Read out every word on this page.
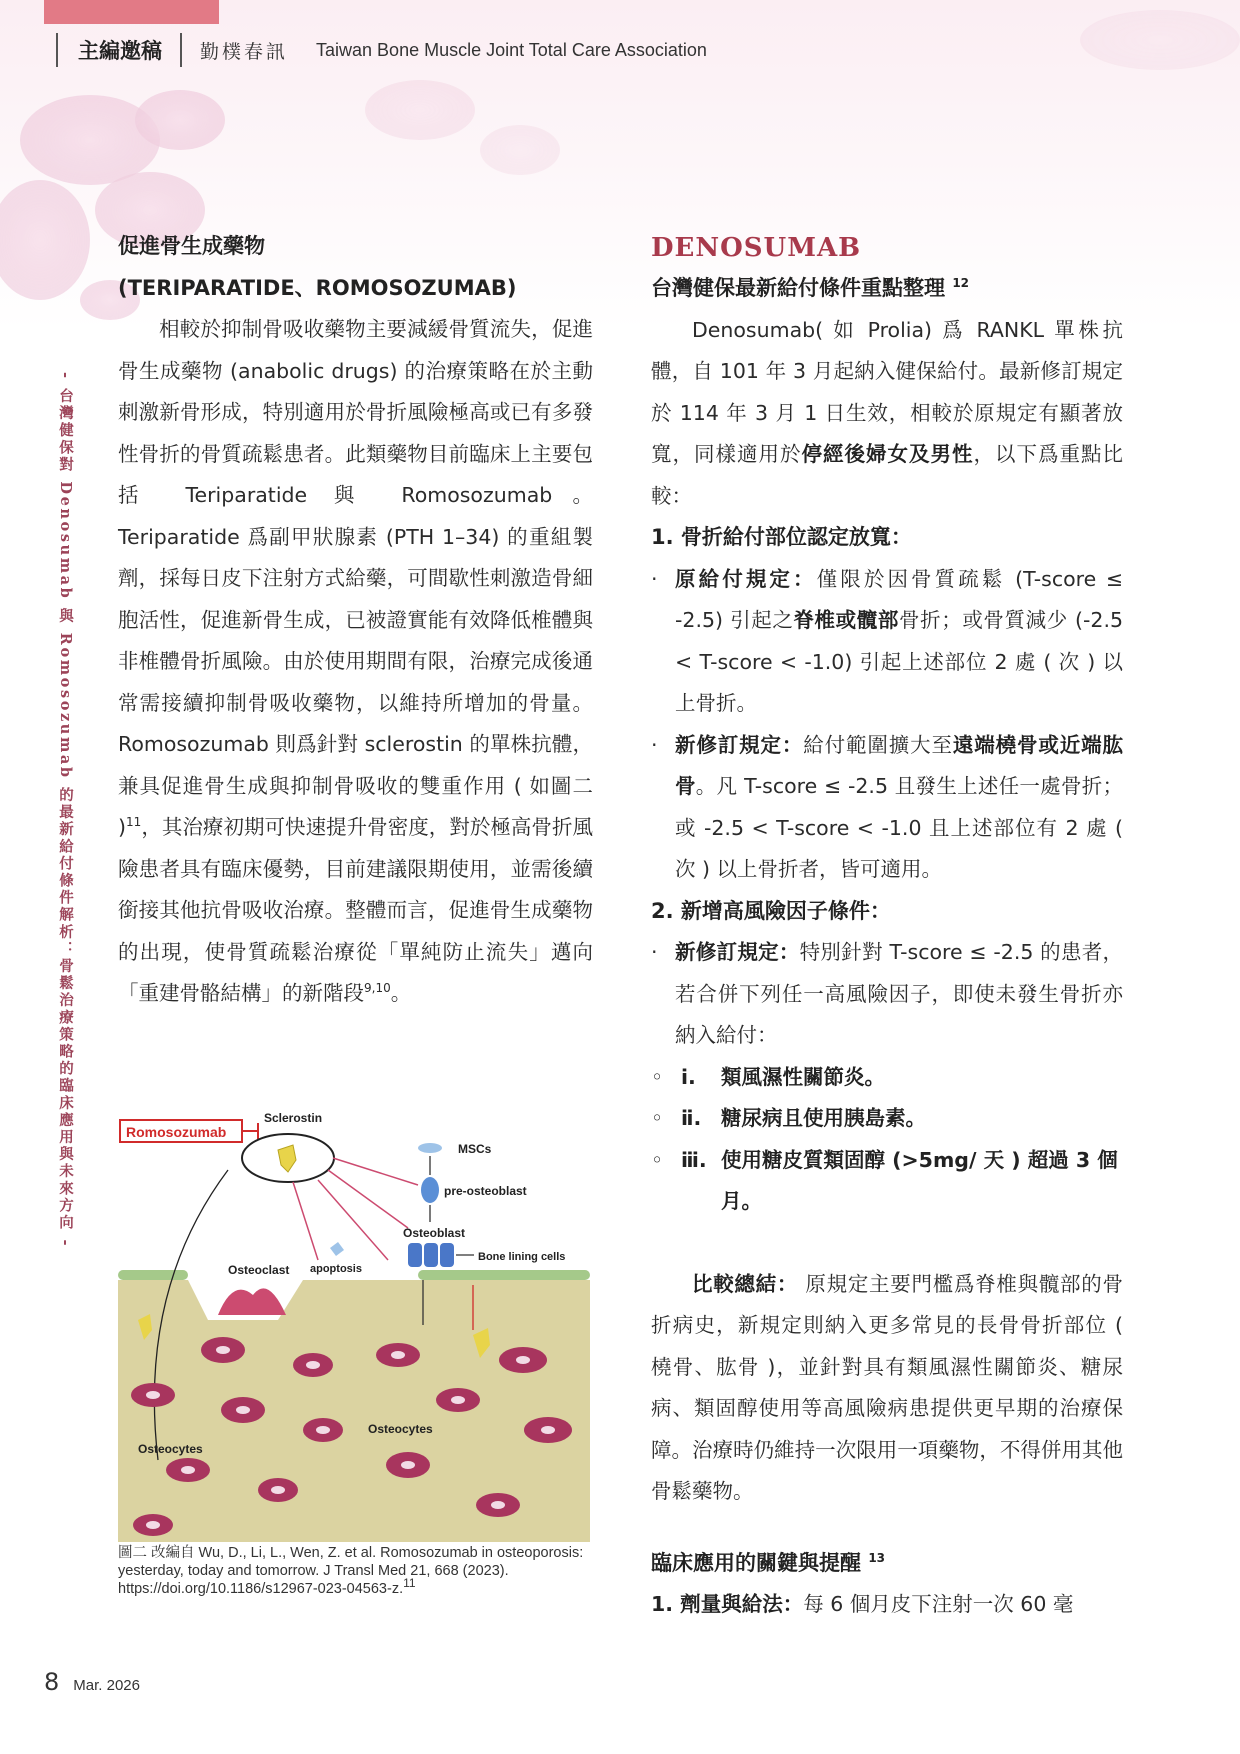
主編邀稿 勤樸春訊 Taiwan Bone Muscle Joint Total Care Association
- 台灣健保對 Denosumab 與 Romosozumab 的最新給付條件解析：骨鬆治療策略的臨床應用與未來方向 -
促進骨生成藥物
(TERIPARATIDE、ROMOSOZUMAB)

相較於抑制骨吸收藥物主要減緩骨質流失，促進骨生成藥物 (anabolic drugs) 的治療策略在於主動刺激新骨形成，特別適用於骨折風險極高或已有多發性骨折的骨質疏鬆患者。此類藥物目前臨床上主要包括 Teriparatide 與 Romosozumab。Teriparatide 爲副甲狀腺素 (PTH 1–34) 的重組製劑，採每日皮下注射方式給藥，可間歇性刺激造骨細胞活性，促進新骨生成，已被證實能有效降低椎體與非椎體骨折風險。由於使用期間有限，治療完成後通常需接續抑制骨吸收藥物，以維持所增加的骨量。Romosozumab 則爲針對 sclerostin 的單株抗體，兼具促進骨生成與抑制骨吸收的雙重作用 ( 如圖二 )$^{11}$，其治療初期可快速提升骨密度，對於極高骨折風險患者具有臨床優勢，目前建議限期使用，並需後續銜接其他抗骨吸收治療。整體而言，促進骨生成藥物的出現，使骨質疏鬆治療從「單純防止流失」邁向「重建骨骼結構」的新階段$^{9,10}$。

Osteoclast
Romosozumab
Sclerostin
MSCs
pre-osteoblast
Osteoblast
Bone lining cells
apoptosis
Osteocytes
Osteocytes
圖二 改編自 Wu, D., Li, L., Wen, Z. et al. Romosozumab in osteoporosis: yesterday, today and tomorrow. J Transl Med 21, 668 (2023). https://doi.org/10.1186/s12967-023-04563-z.$^{11}$
DENOSUMAB
台灣健保最新給付條件重點整理 $^{12}$

Denosumab( 如 Prolia) 爲 RANKL 單株抗體，自 101 年 3 月起納入健保給付。最新修訂規定於 114 年 3 月 1 日生效，相較於原規定有顯著放寬，同樣適用於停經後婦女及男性，以下爲重點比較：

1. 骨折給付部位認定放寬：
· 原給付規定：僅限於因骨質疏鬆 (T-score ≤ -2.5) 引起之脊椎或髖部骨折；或骨質減少 (-2.5 < T-score < -1.0) 引起上述部位 2 處 ( 次 ) 以上骨折。
· 新修訂規定：給付範圍擴大至遠端橈骨或近端肱骨。凡 T-score ≤ -2.5 且發生上述任一處骨折；或 -2.5 < T-score < -1.0 且上述部位有 2 處 ( 次 ) 以上骨折者，皆可適用。
2. 新增高風險因子條件：
· 新修訂規定：特別針對 T-score ≤ -2.5 的患者，若合併下列任一高風險因子，即使未發生骨折亦納入給付：
◦ ⅰ.	類風濕性關節炎。
◦ ⅱ. 糖尿病且使用胰島素。
◦ ⅲ. 使用糖皮質類固醇 (>5mg/ 天 ) 超過 3 個月。

比較總結： 原規定主要門檻爲脊椎與髖部的骨折病史，新規定則納入更多常見的長骨骨折部位 ( 橈骨、肱骨 )，並針對具有類風濕性關節炎、糖尿病、類固醇使用等高風險病患提供更早期的治療保障。治療時仍維持一次限用一項藥物，不得併用其他骨鬆藥物。

臨床應用的關鍵與提醒 $^{13}$

1. 劑量與給法：每 6 個月皮下注射一次 60 毫

8 Mar. 2026
